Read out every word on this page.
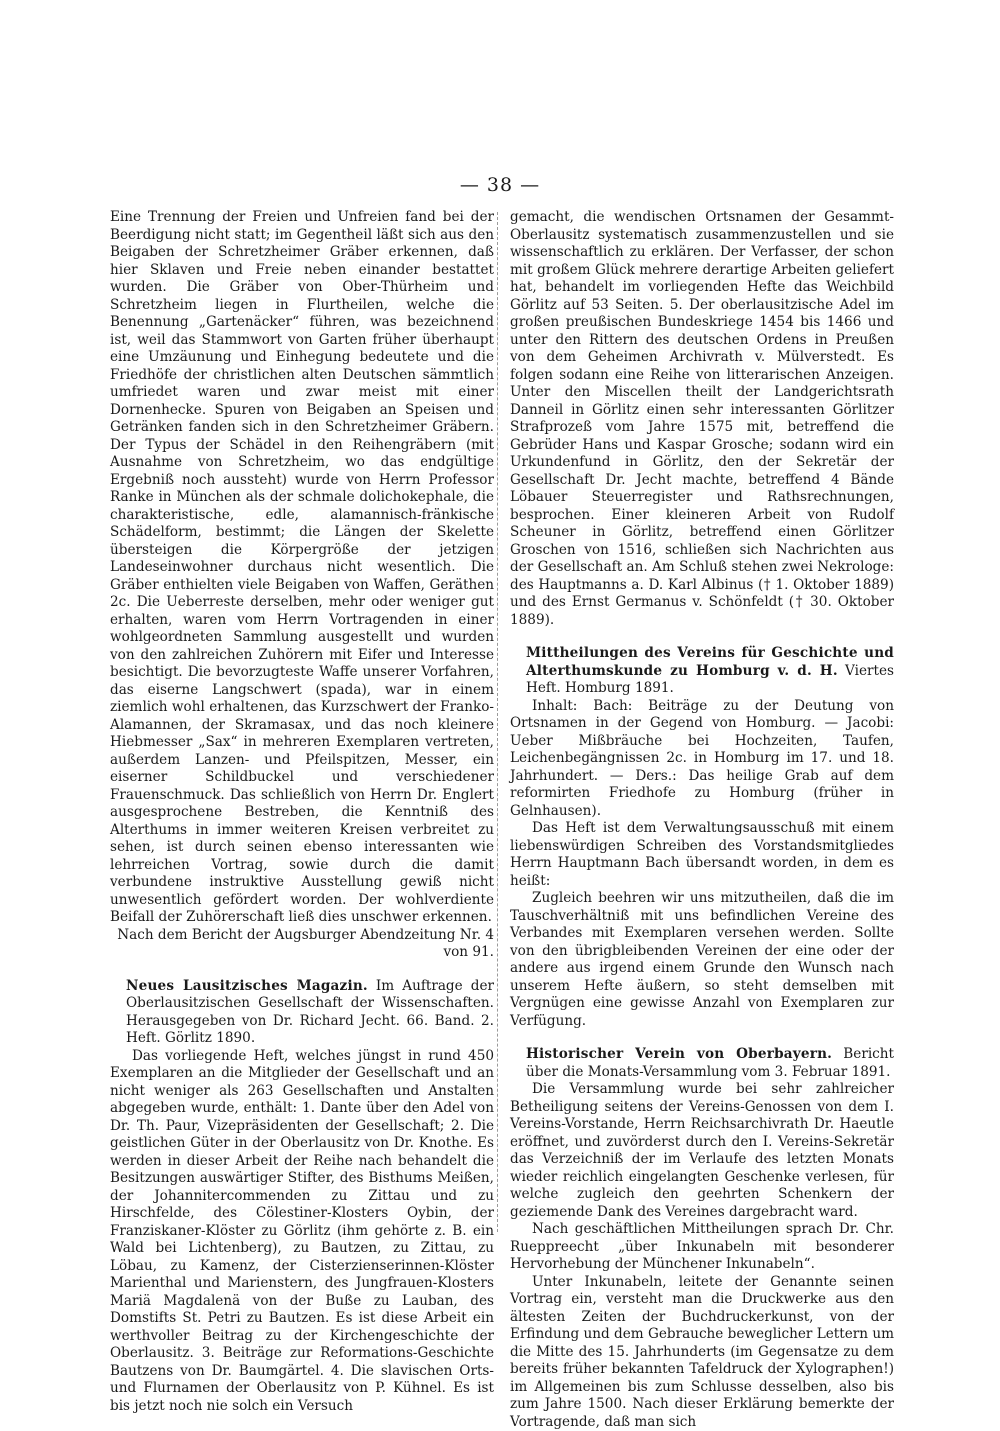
— 38 —

Eine Trennung der Freien und Unfreien fand bei der Beerdigung nicht statt; im Gegentheil läßt sich aus den Beigaben der Schretzheimer Gräber erkennen, daß hier Sklaven und Freie neben einander bestattet wurden. Die Gräber von Ober-Thürheim und Schretzheim liegen in Flurtheilen, welche die Benennung „Gartenäcker“ führen, was bezeichnend ist, weil das Stammwort von Garten früher überhaupt eine Umzäunung und Einhegung bedeutete und die Friedhöfe der christlichen alten Deutschen sämmtlich umfriedet waren und zwar meist mit einer Dornenhecke. Spuren von Beigaben an Speisen und Getränken fanden sich in den Schretzheimer Gräbern. Der Typus der Schädel in den Reihengräbern (mit Ausnahme von Schretzheim, wo das endgültige Ergebniß noch aussteht) wurde von Herrn Professor Ranke in München als der schmale dolichokephale, die charakteristische, edle, alamannisch-fränkische Schädelform, bestimmt; die Längen der Skelette übersteigen die Körpergröße der jetzigen Landeseinwohner durchaus nicht wesentlich. Die Gräber enthielten viele Beigaben von Waffen, Geräthen 2c. Die Ueberreste derselben, mehr oder weniger gut erhalten, waren vom Herrn Vortragenden in einer wohlgeordneten Sammlung ausgestellt und wurden von den zahlreichen Zuhörern mit Eifer und Interesse besichtigt. Die bevorzugteste Waffe unserer Vorfahren, das eiserne Langschwert (spada), war in einem ziemlich wohl erhaltenen, das Kurzschwert der Franko-Alamannen, der Skramasax, und das noch kleinere Hiebmesser „Sax“ in mehreren Exemplaren vertreten, außerdem Lanzen- und Pfeilspitzen, Messer, ein eiserner Schildbuckel und verschiedener Frauenschmuck. Das schließlich von Herrn Dr. Englert ausgesprochene Bestreben, die Kenntniß des Alterthums in immer weiteren Kreisen verbreitet zu sehen, ist durch seinen ebenso interessanten wie lehrreichen Vortrag, sowie durch die damit verbundene instruktive Ausstellung gewiß nicht unwesentlich gefördert worden. Der wohlverdiente Beifall der Zuhörerschaft ließ dies unschwer erkennen.

Nach dem Bericht der Augsburger Abendzeitung Nr. 4 von 91.

Neues Lausitzisches Magazin. Im Auftrage der Oberlausitzischen Gesellschaft der Wissenschaften. Herausgegeben von Dr. Richard Jecht. 66. Band. 2. Heft. Görlitz 1890.

Das vorliegende Heft, welches jüngst in rund 450 Exemplaren an die Mitglieder der Gesellschaft und an nicht weniger als 263 Gesellschaften und Anstalten abgegeben wurde, enthält: 1. Dante über den Adel von Dr. Th. Paur, Vizepräsidenten der Gesellschaft; 2. Die geistlichen Güter in der Oberlausitz von Dr. Knothe. Es werden in dieser Arbeit der Reihe nach behandelt die Besitzungen auswärtiger Stifter, des Bisthums Meißen, der Johannitercommenden zu Zittau und zu Hirschfelde, des Cölestiner-Klosters Oybin, der Franziskaner-Klöster zu Görlitz (ihm gehörte z. B. ein Wald bei Lichtenberg), zu Bautzen, zu Zittau, zu Löbau, zu Kamenz, der Cisterzienserinnen-Klöster Marienthal und Marienstern, des Jungfrauen-Klosters Mariä Magdalenä von der Buße zu Lauban, des Domstifts St. Petri zu Bautzen. Es ist diese Arbeit ein werthvoller Beitrag zu der Kirchengeschichte der Oberlausitz. 3. Beiträge zur Reformations-Geschichte Bautzens von Dr. Baumgärtel. 4. Die slavischen Orts- und Flurnamen der Oberlausitz von P. Kühnel. Es ist bis jetzt noch nie solch ein Versuch

gemacht, die wendischen Ortsnamen der Gesammt-Oberlausitz systematisch zusammenzustellen und sie wissenschaftlich zu erklären. Der Verfasser, der schon mit großem Glück mehrere derartige Arbeiten geliefert hat, behandelt im vorliegenden Hefte das Weichbild Görlitz auf 53 Seiten. 5. Der oberlausitzische Adel im großen preußischen Bundeskriege 1454 bis 1466 und unter den Rittern des deutschen Ordens in Preußen von dem Geheimen Archivrath v. Mülverstedt. Es folgen sodann eine Reihe von litterarischen Anzeigen. Unter den Miscellen theilt der Landgerichtsrath Danneil in Görlitz einen sehr interessanten Görlitzer Strafprozeß vom Jahre 1575 mit, betreffend die Gebrüder Hans und Kaspar Grosche; sodann wird ein Urkundenfund in Görlitz, den der Sekretär der Gesellschaft Dr. Jecht machte, betreffend 4 Bände Löbauer Steuerregister und Rathsrechnungen, besprochen. Einer kleineren Arbeit von Rudolf Scheuner in Görlitz, betreffend einen Görlitzer Groschen von 1516, schließen sich Nachrichten aus der Gesellschaft an. Am Schluß stehen zwei Nekrologe: des Hauptmanns a. D. Karl Albinus († 1. Oktober 1889) und des Ernst Germanus v. Schönfeldt († 30. Oktober 1889).

Mittheilungen des Vereins für Geschichte und Alterthumskunde zu Homburg v. d. H. Viertes Heft. Homburg 1891.

Inhalt: Bach: Beiträge zu der Deutung von Ortsnamen in der Gegend von Homburg. — Jacobi: Ueber Mißbräuche bei Hochzeiten, Taufen, Leichenbegängnissen 2c. in Homburg im 17. und 18. Jahrhundert. — Ders.: Das heilige Grab auf dem reformirten Friedhofe zu Homburg (früher in Gelnhausen).

Das Heft ist dem Verwaltungsausschuß mit einem liebenswürdigen Schreiben des Vorstandsmitgliedes Herrn Hauptmann Bach übersandt worden, in dem es heißt:

Zugleich beehren wir uns mitzutheilen, daß die im Tauschverhältniß mit uns befindlichen Vereine des Verbandes mit Exemplaren versehen werden. Sollte von den übrigbleibenden Vereinen der eine oder der andere aus irgend einem Grunde den Wunsch nach unserem Hefte äußern, so steht demselben mit Vergnügen eine gewisse Anzahl von Exemplaren zur Verfügung.

Historischer Verein von Oberbayern. Bericht über die Monats-Versammlung vom 3. Februar 1891.

Die Versammlung wurde bei sehr zahlreicher Betheiligung seitens der Vereins-Genossen von dem I. Vereins-Vorstande, Herrn Reichsarchivrath Dr. Haeutle eröffnet, und zuvörderst durch den I. Vereins-Sekretär das Verzeichniß der im Verlaufe des letzten Monats wieder reichlich eingelangten Geschenke verlesen, für welche zugleich den geehrten Schenkern der geziemende Dank des Vereines dargebracht ward.

Nach geschäftlichen Mittheilungen sprach Dr. Chr. Rueppreecht „über Inkunabeln mit besonderer Hervorhebung der Münchener Inkunabeln“.

Unter Inkunabeln, leitete der Genannte seinen Vortrag ein, versteht man die Druckwerke aus den ältesten Zeiten der Buchdruckerkunst, von der Erfindung und dem Gebrauche beweglicher Lettern um die Mitte des 15. Jahrhunderts (im Gegensatze zu dem bereits früher bekannten Tafeldruck der Xylographen!) im Allgemeinen bis zum Schlusse desselben, also bis zum Jahre 1500. Nach dieser Erklärung bemerkte der Vortragende, daß man sich
